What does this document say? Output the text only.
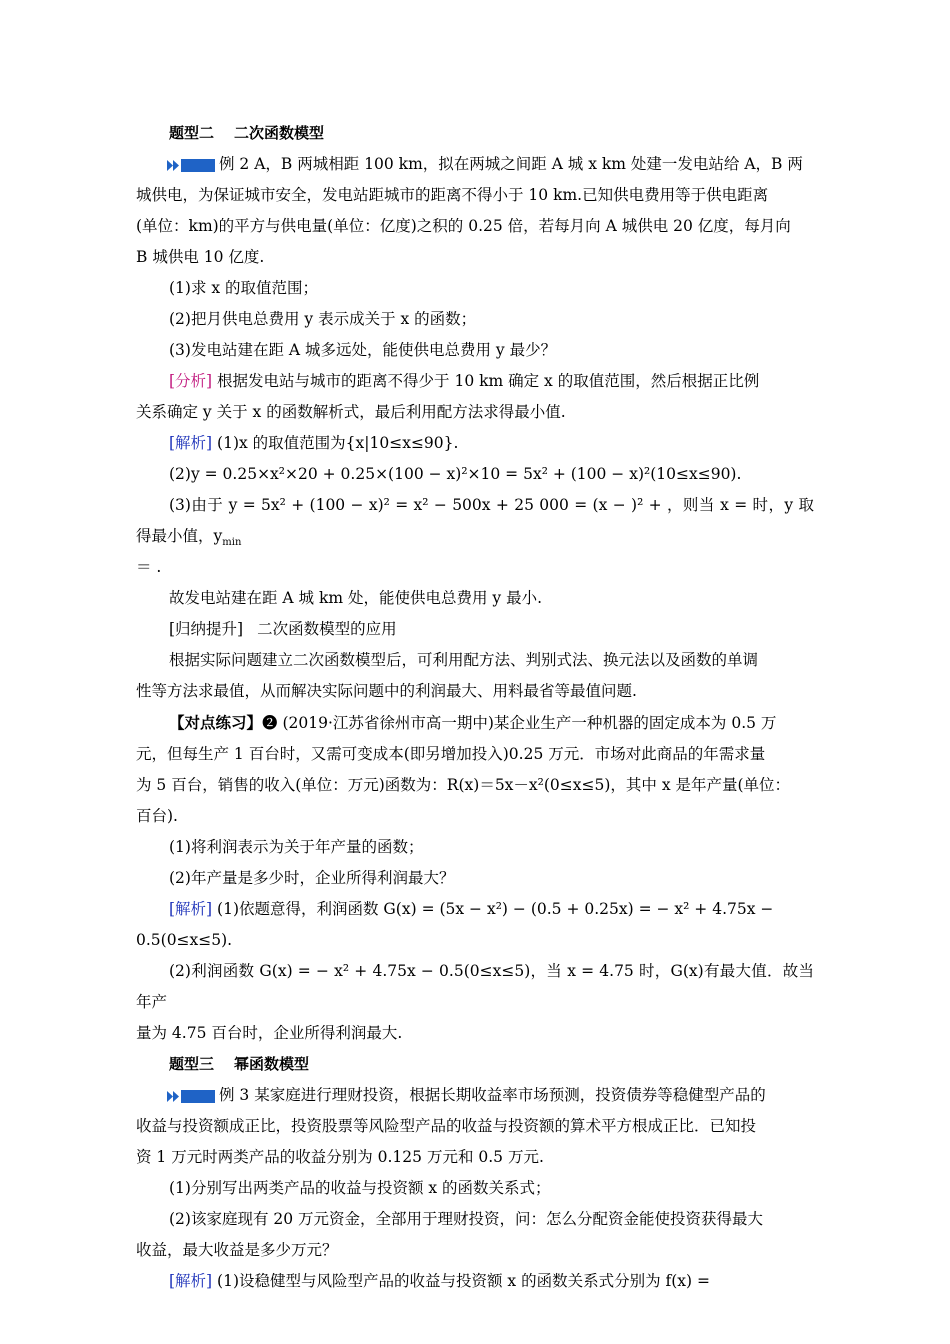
题型二 二次函数模型

例 2 A，B 两城相距 100 km，拟在两城之间距 A 城 x km 处建一发电站给 A，B 两

城供电，为保证城市安全，发电站距城市的距离不得小于 10 km.已知供电费用等于供电距离

(单位：km)的平方与供电量(单位：亿度)之积的 0.25 倍，若每月向 A 城供电 20 亿度，每月向

B 城供电 10 亿度.

(1)求 x 的取值范围；

(2)把月供电总费用 y 表示成关于 x 的函数；

(3)发电站建在距 A 城多远处，能使供电总费用 y 最少？

[分析] 根据发电站与城市的距离不得少于 10 km 确定 x 的取值范围，然后根据正比例

关系确定 y 关于 x 的函数解析式，最后利用配方法求得最小值.

[解析] (1)x 的取值范围为{x|10≤x≤90}.

(2)y = 0.25×x²×20 + 0.25×(100 − x)²×10 = 5x² + (100 − x)²(10≤x≤90).

(3)由于 y = 5x² + (100 − x)² = x² − 500x + 25 000 = (x − )² + ，则当 x = 时，y 取得最小值，$y_{min}$

＝ .

故发电站建在距 A 城 km 处，能使供电总费用 y 最小.

[归纳提升] 二次函数模型的应用

根据实际问题建立二次函数模型后，可利用配方法、判别式法、换元法以及函数的单调

性等方法求最值，从而解决实际问题中的利润最大、用料最省等最值问题.

【对点练习】❷ (2019·江苏省徐州市高一期中)某企业生产一种机器的固定成本为 0.5 万

元，但每生产 1 百台时，又需可变成本(即另增加投入)0.25 万元．市场对此商品的年需求量

为 5 百台，销售的收入(单位：万元)函数为：R(x)＝5x－x²(0≤x≤5)，其中 x 是年产量(单位：

百台).

(1)将利润表示为关于年产量的函数；

(2)年产量是多少时，企业所得利润最大？

[解析] (1)依题意得，利润函数 G(x) = (5x − x²) − (0.5 + 0.25x) = − x² + 4.75x −

0.5(0≤x≤5).

(2)利润函数 G(x) = − x² + 4.75x − 0.5(0≤x≤5)，当 x = 4.75 时，G(x)有最大值．故当年产

量为 4.75 百台时，企业所得利润最大.

题型三 幂函数模型

例 3 某家庭进行理财投资，根据长期收益率市场预测，投资债券等稳健型产品的

收益与投资额成正比，投资股票等风险型产品的收益与投资额的算术平方根成正比．已知投

资 1 万元时两类产品的收益分别为 0.125 万元和 0.5 万元.

(1)分别写出两类产品的收益与投资额 x 的函数关系式；

(2)该家庭现有 20 万元资金，全部用于理财投资，问：怎么分配资金能使投资获得最大

收益，最大收益是多少万元？

[解析] (1)设稳健型与风险型产品的收益与投资额 x 的函数关系式分别为 f(x) =
